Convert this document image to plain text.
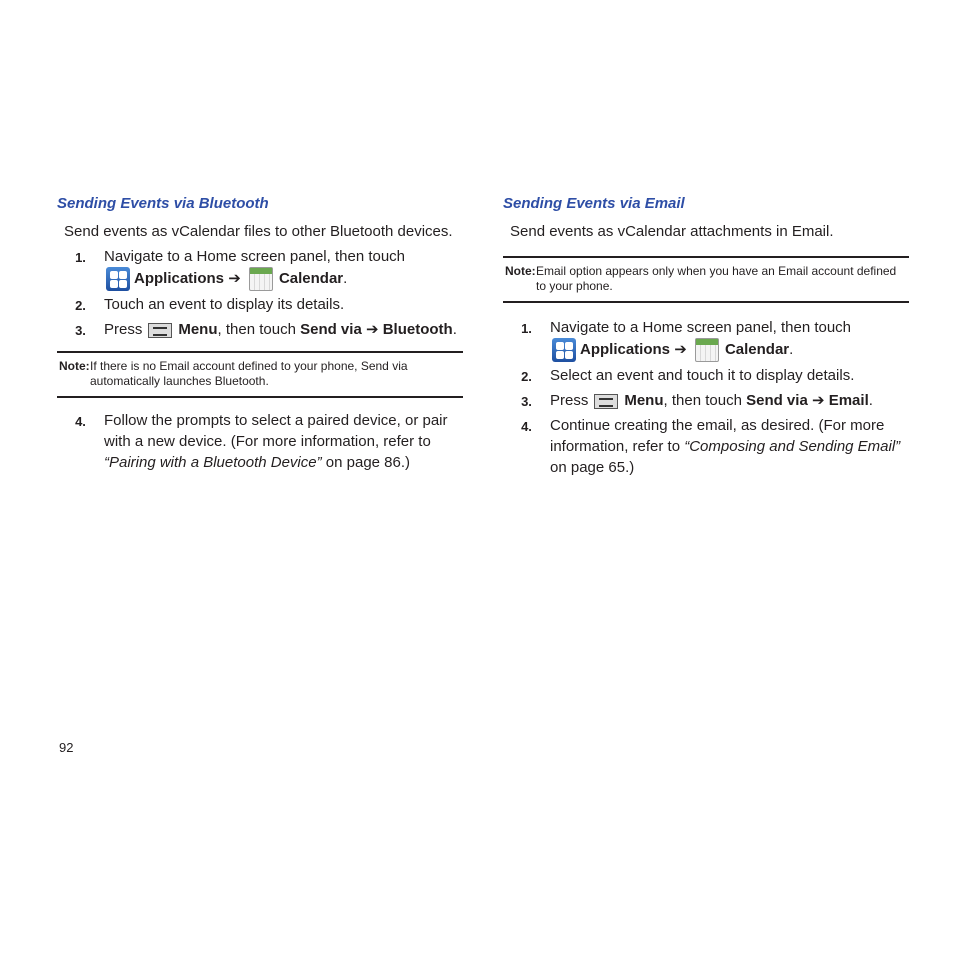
Sending Events via Bluetooth
Send events as vCalendar files to other Bluetooth devices.
1.	Navigate to a Home screen panel, then touch

Applications ➔	Calendar.
2.	Touch an event to display its details.
3.	Press Menu, then touch Send via ➔ Bluetooth.
Note: If there is no Email account defined to your phone, Send via automatically launches Bluetooth.
4.	Follow the prompts to select a paired device, or pair with a new device. (For more information, refer to “Pairing with a Bluetooth Device” on page 86.)
Sending Events via Email
Send events as vCalendar attachments in Email.
Note: Email option appears only when you have an Email account defined to your phone.
1.	Navigate to a Home screen panel, then touch

Applications ➔	Calendar.
2.	Select an event and touch it to display details.
3.	Press Menu, then touch Send via ➔ Email.
4.	Continue creating the email, as desired. (For more information, refer to “Composing and Sending Email” on page 65.)
92
